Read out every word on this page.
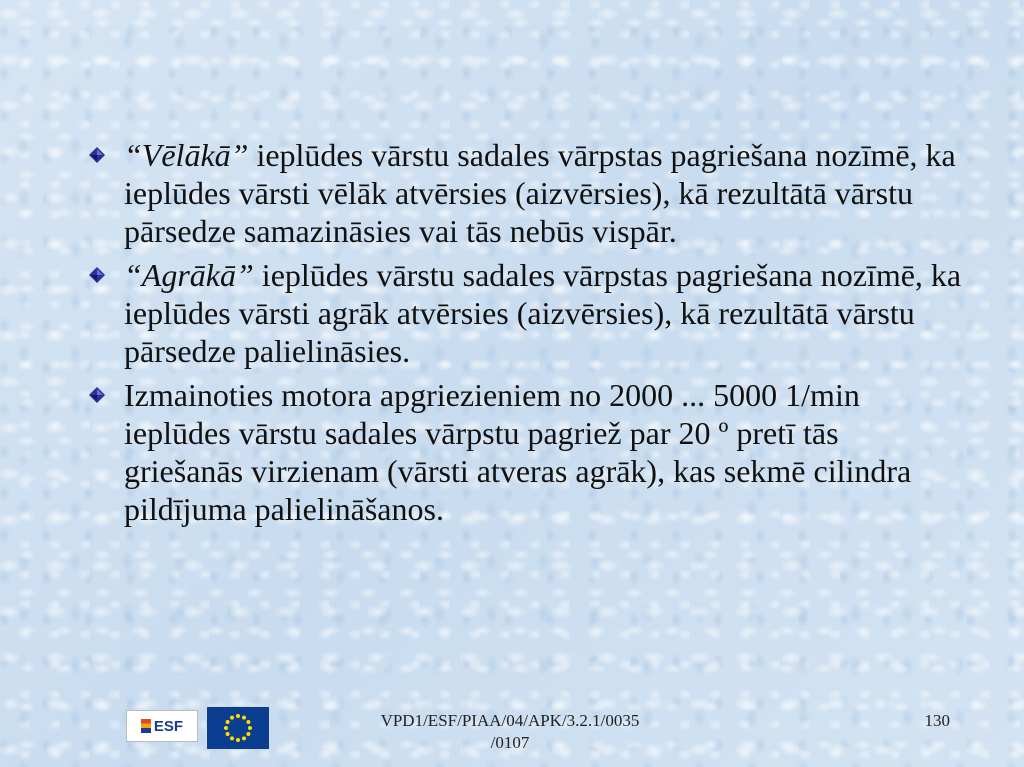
“Vēlākā” ieplūdes vārstu sadales vārpstas pagriešana nozīmē, ka ieplūdes vārsti vēlāk atvērsies (aizvērsies), kā rezultātā vārstu pārsedze samazināsies vai tās nebūs vispār.
“Agrākā” ieplūdes vārstu sadales vārpstas pagriešana nozīmē, ka ieplūdes vārsti agrāk atvērsies (aizvērsies), kā rezultātā vārstu pārsedze palielināsies.
Izmainoties motora apgriezieniem no 2000 ... 5000 1/min ieplūdes vārstu sadales vārpstu pagriež par 20 º pretī tās griešanās virzienam (vārsti atveras agrāk), kas sekmē cilindra pildījuma palielināšanos.
ESF	VPD1/ESF/PIAA/04/APK/3.2.1/0035
/0107
130
